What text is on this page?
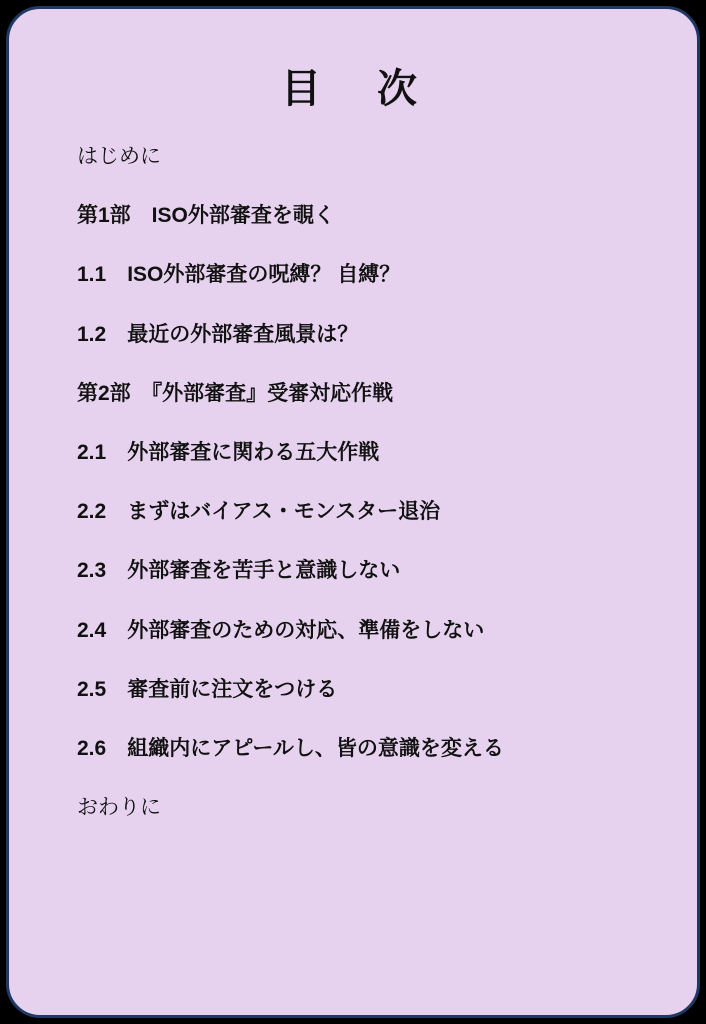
目　次
はじめに
第1部　ISO外部審査を覗く
1.1　ISO外部審査の呪縛？ 自縛？
1.2　最近の外部審査風景は？
第2部　『外部審査』受審対応作戦
2.1　外部審査に関わる五大作戦
2.2　まずはバイアス・モンスター退治
2.3　外部審査を苦手と意識しない
2.4　外部審査のための対応、準備をしない
2.5　審査前に注文をつける
2.6　組織内にアピールし、皆の意識を変える
おわりに
